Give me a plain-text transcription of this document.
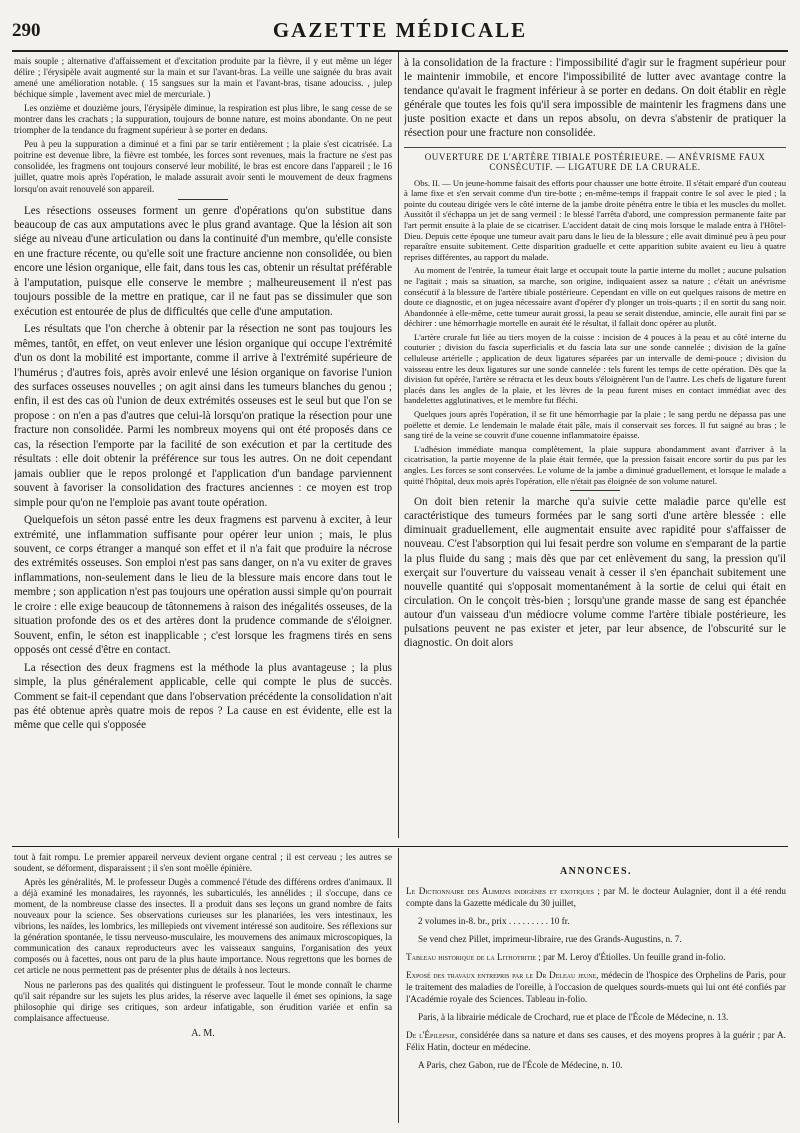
290	GAZETTE MÉDICALE

mais souple ; alternative d'affaissement et d'excitation produite par la fièvre, il y eut même un léger délire ; l'érysipèle avait augmenté sur la main et sur l'avant-bras. La veille une saignée du bras avait amené une amélioration notable. ( 15 sangsues sur la main et l'avant-bras, tisane adouciss. , julep béchique simple , lavement avec miel de mercuriale. )

Les onzième et douzième jours, l'érysipèle diminue, la respiration est plus libre, le sang cesse de se montrer dans les crachats ; la suppuration, toujours de bonne nature, est moins abondante. On ne peut triompher de la tendance du fragment supérieur à se porter en dedans.

Peu à peu la suppuration a diminué et a fini par se tarir entièrement ; la plaie s'est cicatrisée. La poitrine est devenue libre, la fièvre est tombée, les forces sont revenues, mais la fracture ne s'est pas consolidée, les fragmens ont toujours conservé leur mobilité, le bras est encore dans l'appareil ; le 16 juillet, quatre mois après l'opération, le malade assurait avoir senti le mouvement de deux fragmens lorsqu'on avait renouvelé son appareil.

Les résections osseuses forment un genre d'opérations qu'on substitue dans beaucoup de cas aux amputations avec le plus grand avantage. Que la lésion ait son siége au niveau d'une articulation ou dans la continuité d'un membre, qu'elle consiste en une fracture récente, ou qu'elle soit une fracture ancienne non consolidée, ou bien encore une lésion organique, elle fait, dans tous les cas, obtenir un résultat préférable à l'amputation, puisque elle conserve le membre ; malheureusement il n'est pas toujours possible de la mettre en pratique, car il ne faut pas se dissimuler que son exécution est entourée de plus de difficultés que celle d'une amputation.

Les résultats que l'on cherche à obtenir par la résection ne sont pas toujours les mêmes, tantôt, en effet, on veut enlever une lésion organique qui occupe l'extrémité d'un os dont la mobilité est importante, comme il arrive à l'extrémité supérieure de l'humérus ; d'autres fois, après avoir enlevé une lésion organique on favorise l'union des surfaces osseuses nouvelles ; on agit ainsi dans les tumeurs blanches du genou ; enfin, il est des cas où l'union de deux extrémités osseuses est le seul but que l'on se propose : on n'en a pas d'autres que celui-là lorsqu'on pratique la résection pour une fracture non consolidée. Parmi les nombreux moyens qui ont été proposés dans ce cas, la résection l'emporte par la facilité de son exécution et par la certitude des résultats : elle doit obtenir la préférence sur tous les autres. On ne doit cependant jamais oublier que le repos prolongé et l'application d'un bandage parviennent souvent à favoriser la consolidation des fractures anciennes : ce moyen est trop simple pour qu'on ne l'emploie pas avant toute opération.

Quelquefois un séton passé entre les deux fragmens est parvenu à exciter, à leur extrémité, une inflammation suffisante pour opérer leur union ; mais, le plus souvent, ce corps étranger a manqué son effet et il n'a fait que produire la nécrose des extrémités osseuses. Son emploi n'est pas sans danger, on n'a vu exiter de graves inflammations, non-seulement dans le lieu de la blessure mais encore dans tout le membre ; son application n'est pas toujours une opération aussi simple qu'on pourrait le croire : elle exige beaucoup de tâtonnemens à raison des inégalités osseuses, de la situation profonde des os et des artères dont la prudence commande de s'éloigner. Souvent, enfin, le séton est inapplicable ; c'est lorsque les fragmens tirés en sens opposés ont cessé d'être en contact.

La résection des deux fragmens est la méthode la plus avantageuse ; la plus simple, la plus généralement applicable, celle qui compte le plus de succès. Comment se fait-il cependant que dans l'observation précédente la consolidation n'ait pas été obtenue après quatre mois de repos ? La cause en est évidente, elle est la même que celle qui s'opposée

à la consolidation de la fracture : l'impossibilité d'agir sur le fragment supérieur pour le maintenir immobile, et encore l'impossibilité de lutter avec avantage contre la tendance qu'avait le fragment inférieur à se porter en dedans. On doit établir en règle générale que toutes les fois qu'il sera impossible de maintenir les fragmens dans une juste position exacte et dans un repos absolu, on devra s'abstenir de pratiquer la résection pour une fracture non consolidée.

OUVERTURE DE L'ARTÈRE TIBIALE POSTÉRIEURE. — ANÉVRISME FAUX
CONSÉCUTIF. — LIGATURE DE LA CRURALE.

Obs. II. — Un jeune-homme faisait des efforts pour chausser une botte étroite. Il s'était emparé d'un couteau à lame fixe et s'en servait comme d'un tire-botte ; en-même-temps il frappait contre le sol avec le pied ; la pointe du couteau dirigée vers le côté interne de la jambe droite pénétra entre le tibia et les muscles du mollet. Aussitôt il s'échappa un jet de sang vermeil : le blessé l'arrêta d'abord, une compression permanente faite par l'art permit ensuite à la plaie de se cicatriser. L'accident datait de cinq mois lorsque le malade entra à l'Hôtel-Dieu. Depuis cette époque une tumeur avait paru dans le lieu de la blessure ; elle avait diminué peu à peu pour reparaître ensuite subitement. Cette disparition graduelle et cette apparition subite avaient eu lieu à quatre reprises différentes, au rapport du malade.

Au moment de l'entrée, la tumeur était large et occupait toute la partie interne du mollet ; aucune pulsation ne l'agitait ; mais sa situation, sa marche, son origine, indiquaient assez sa nature ; c'était un anévrisme consécutif à la blessure de l'artère tibiale postérieure. Cependant en ville on eut quelques raisons de mettre en doute ce diagnostic, et on jugea nécessaire avant d'opérer d'y plonger un trois-quarts ; il en sortit du sang noir. Abandonnée à elle-même, cette tumeur aurait grossi, la peau se serait distendue, amincie, elle aurait fini par se déchirer : une hémorrhagie mortelle en aurait été le résultat, il fallait donc opérer au plutôt.

L'artère crurale fut liée au tiers moyen de la cuisse : incision de 4 pouces à la peau et au côté interne du couturier ; division du fascia superficialis et du fascia lata sur une sonde cannelée ; division de la gaîne celluleuse artérielle ; application de deux ligatures séparées par un intervalle de demi-pouce ; division du vaisseau entre les deux ligatures sur une sonde cannelée : tels furent les temps de cette opération. Dès que la division fut opérée, l'artère se rétracta et les deux bouts s'éloignèrent l'un de l'autre. Les chefs de ligature furent placés dans les angles de la plaie, et les lèvres de la peau furent mises en contact immédiat avec des bandelettes agglutinatives, et le membre fut fléchi.

Quelques jours après l'opération, il se fit une hémorrhagie par la plaie ; le sang perdu ne dépassa pas une poëlette et demie. Le lendemain le malade était pâle, mais il conservait ses forces. Il fut saigné au bras ; le sang tiré de la veine se couvrit d'une couenne inflammatoire épaisse.

L'adhésion immédiate manqua complètement, la plaie suppura abondamment avant d'arriver à la cicatrisation, la partie moyenne de la plaie était fermée, que la pression faisait encore sortir du pus par les angles. Les forces se sont conservées. Le volume de la jambe a diminué graduellement, et lorsque le malade a quitté l'hôpital, deux mois après l'opération, elle n'était pas éloignée de son volume naturel.

On doit bien retenir la marche qu'a suivie cette maladie parce qu'elle est caractéristique des tumeurs formées par le sang sorti d'une artère blessée : elle diminuait graduellement, elle augmentait ensuite avec rapidité pour s'affaisser de nouveau. C'est l'absorption qui lui fesait perdre son volume en s'emparant de la partie la plus fluide du sang ; mais dès que par cet enlèvement du sang, la pression qu'il exerçait sur l'ouverture du vaisseau venait à cesser il s'en épanchait subitement une nouvelle quantité qui s'opposait momentanément à la sortie de celui qui était en circulation. On le conçoit très-bien ; lorsqu'une grande masse de sang est épanchée autour d'un vaisseau d'un médiocre volume comme l'artère tibiale postérieure, les pulsations peuvent ne pas exister et jeter, par leur absence, de l'obscurité sur le diagnostic. On doit alors

tout à fait rompu. Le premier appareil nerveux devient organe central ; il est cerveau ; les autres se soudent, se déforment, disparaissent ; il s'en sont moëlle épinière.

Après les généralités, M. le professeur Dugès a commencé l'étude des différens ordres d'animaux. Il a déjà examiné les monadaires, les rayonnés, les subarticulés, les annélides ; il s'occupe, dans ce moment, de la nombreuse classe des insectes. Il a produit dans ses leçons un grand nombre de faits nouveaux pour la science. Ses observations curieuses sur les planariées, les vers intestinaux, les vibrions, les naïdes, les lombrics, les millepieds ont vivement intéressé son auditoire. Ses réflexions sur la génération spontanée, le tissu nerveuso-musculaire, les mouvemens des animaux microscopiques, la communication des canaux reproducteurs avec les vaisseaux sanguins, l'organisation des yeux composés ou à facettes, nous ont paru de la plus haute importance. Nous regrettons que les bornes de cet article ne nous permettent pas de présenter plus de détails à nos lecteurs.

Nous ne parlerons pas des qualités qui distinguent le professeur. Tout le monde connaît le charme qu'il sait répandre sur les sujets les plus arides, la réserve avec laquelle il émet ses opinions, la sage philosophie qui dirige ses critiques, son ardeur infatigable, son érudition variée et enfin sa complaisance affectueuse.

A. M.
ANNONCES.

Le Dictionnaire des Alimens indigènes et exotiques ; par M. le docteur Aulagnier, dont il a été rendu compte dans la Gazette médicale du 30 juillet,

2 volumes in-8. br., prix . . . . . . . . . 10 fr.

Se vend chez Pillet, imprimeur-libraire, rue des Grands-Augustins, n. 7.

Tableau historique de la Lithotritie ; par M. Leroy d'Étiolles. Un feuille grand in-folio.

Exposé des travaux entrepris par le Dr Deleau jeune, médecin de l'hospice des Orphelins de Paris, pour le traitement des maladies de l'oreille, à l'occasion de quelques sourds-muets qui lui ont été confiés par l'Académie royale des Sciences. Tableau in-folio.

Paris, à la librairie médicale de Crochard, rue et place de l'École de Médecine, n. 13.

De l'Épilepsie, considérée dans sa nature et dans ses causes, et des moyens propres à la guérir ; par A. Félix Hatin, docteur en médecine.

A Paris, chez Gabon, rue de l'École de Médecine, n. 10.
